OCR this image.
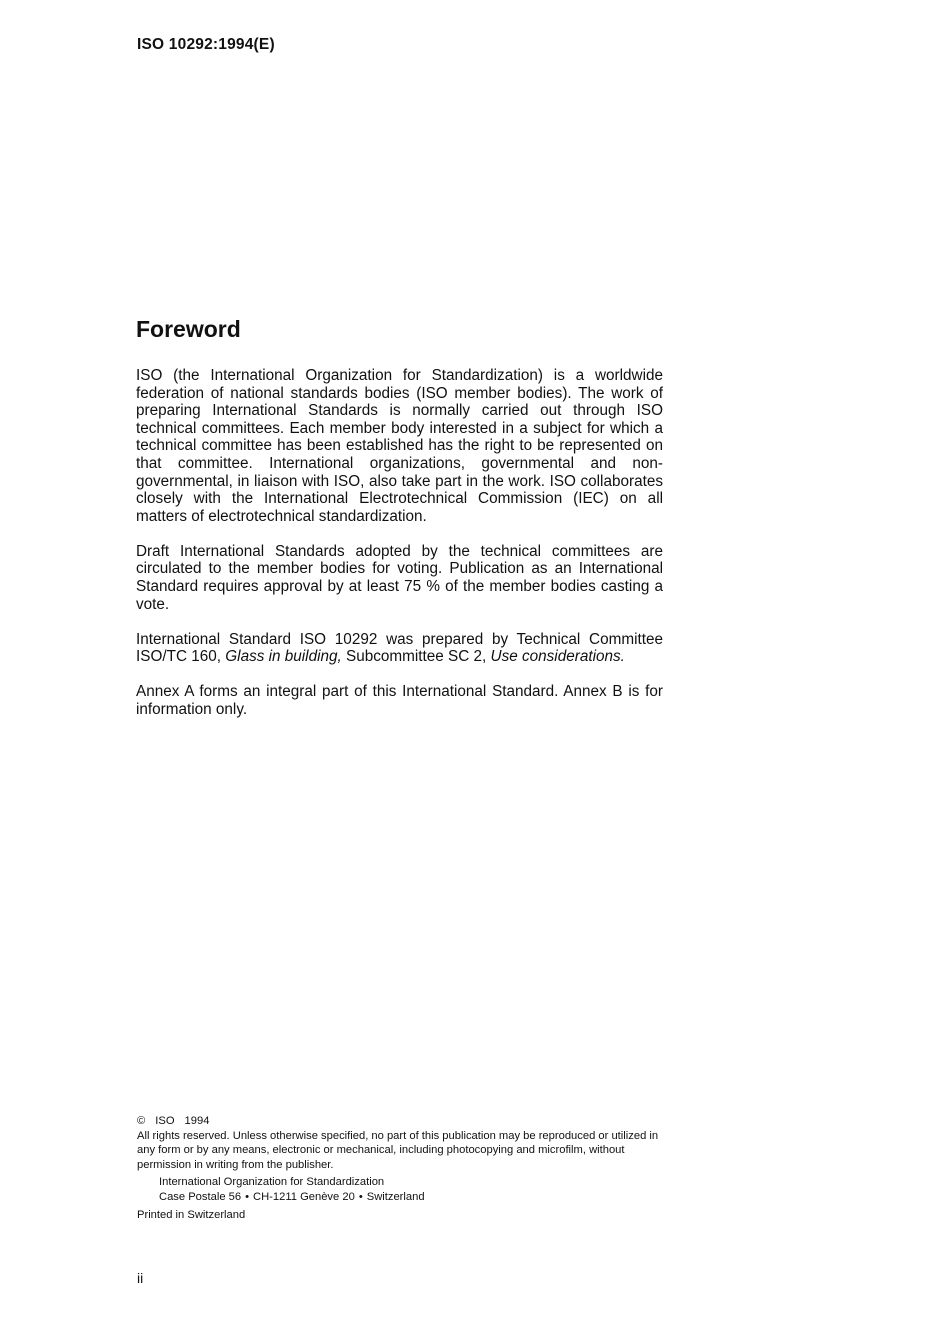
ISO 10292:1994(E)
Foreword

ISO (the International Organization for Standardization) is a worldwide federation of national standards bodies (ISO member bodies). The work of preparing International Standards is normally carried out through ISO technical committees. Each member body interested in a subject for which a technical committee has been established has the right to be represented on that committee. International organizations, governmental and non-governmental, in liaison with ISO, also take part in the work. ISO collaborates closely with the International Electrotechnical Commission (IEC) on all matters of electrotechnical standardization.

Draft International Standards adopted by the technical committees are circulated to the member bodies for voting. Publication as an International Standard requires approval by at least 75 % of the member bodies casting a vote.

International Standard ISO 10292 was prepared by Technical Committee ISO/TC 160, Glass in building, Subcommittee SC 2, Use considerations.

Annex A forms an integral part of this International Standard. Annex B is for information only.

© ISO 1994

All rights reserved. Unless otherwise specified, no part of this publication may be reproduced or utilized in any form or by any means, electronic or mechanical, including photocopying and microfilm, without permission in writing from the publisher.

International Organization for Standardization
Case Postale 56 • CH-1211 Genève 20 • Switzerland
Printed in Switzerland
ii
